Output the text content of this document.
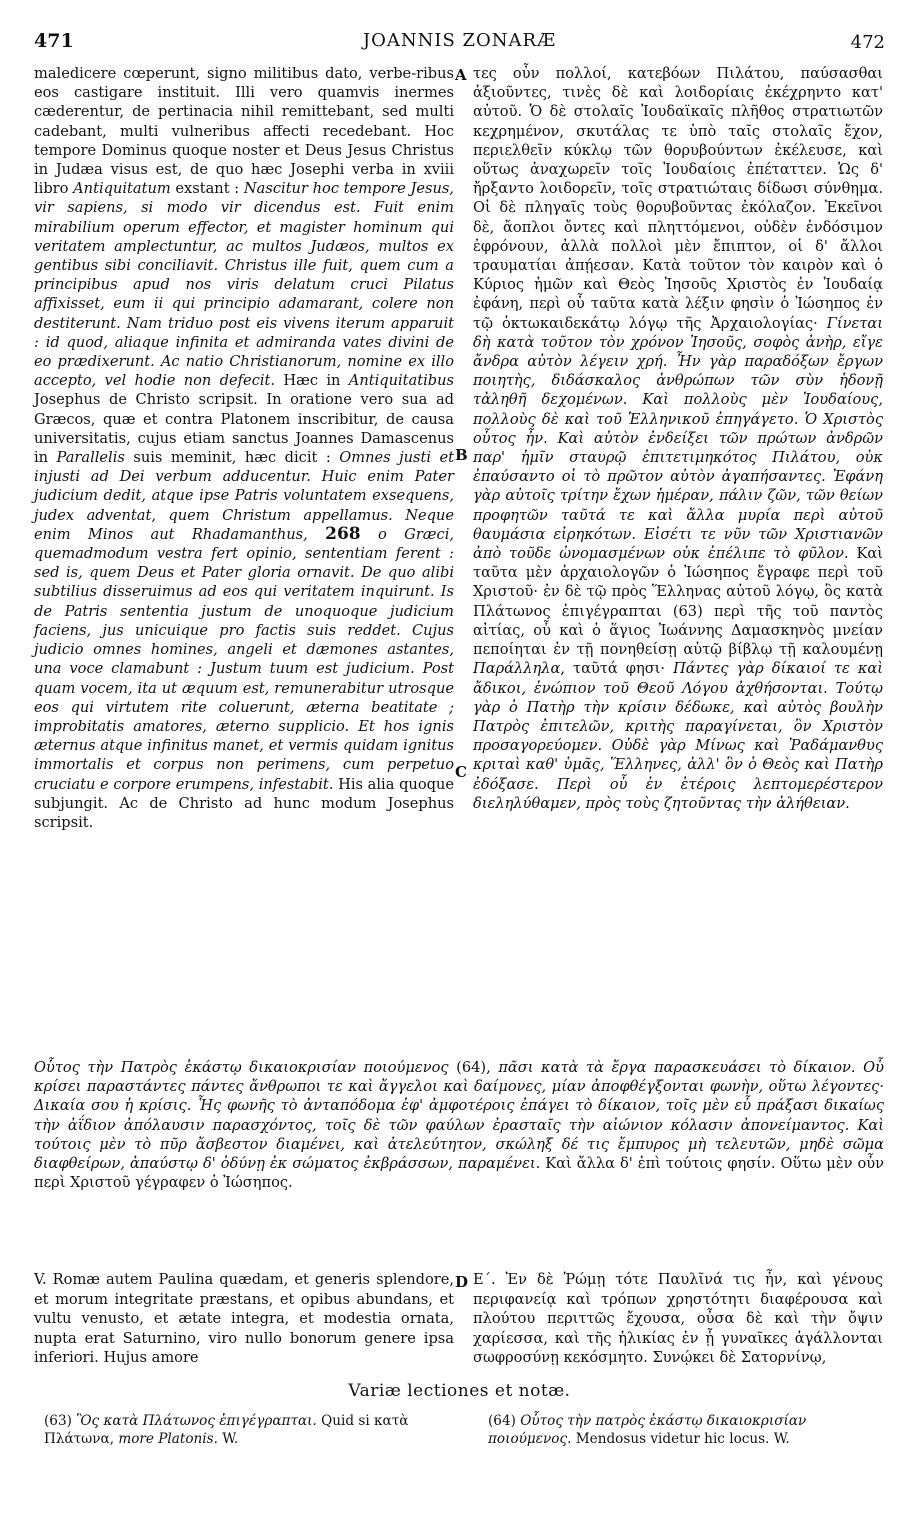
471	JOANNIS ZONARÆ	472

maledicere cœperunt, signo militibus dato, verbe-ribus eos castigare instituit. Illi vero quamvis inermes cæderentur, de pertinacia nihil remittebant, sed multi cadebant, multi vulneribus affecti recedebant. Hoc tempore Dominus quoque noster et Deus Jesus Christus in Judæa visus est, de quo hæc Josephi verba in xviii libro Antiquitatum exstant : Nascitur hoc tempore Jesus, vir sapiens, si modo vir dicendus est. Fuit enim mirabilium operum effector, et magister hominum qui veritatem amplectuntur, ac multos Judæos, multos ex gentibus sibi conciliavit. Christus ille fuit, quem cum a principibus apud nos viris delatum cruci Pilatus affixisset, eum ii qui principio adamarant, colere non destiterunt. Nam triduo post eis vivens iterum apparuit : id quod, aliaque infinita et admiranda vates divini de eo prædixerunt. Ac natio Christianorum, nomine ex illo accepto, vel hodie non defecit. Hæc in Antiquitatibus Josephus de Christo scripsit. In oratione vero sua ad Græcos, quæ et contra Platonem inscribitur, de causa universitatis, cujus etiam sanctus Joannes Damascenus in Parallelis suis meminit, hæc dicit : Omnes justi et injusti ad Dei verbum adducentur. Huic enim Pater judicium dedit, atque ipse Patris voluntatem exsequens, judex adventat, quem Christum appellamus. Neque enim Minos aut Rhadamanthus, 268 o Græci, quemadmodum vestra fert opinio, sententiam ferent : sed is, quem Deus et Pater gloria ornavit. De quo alibi subtilius disseruimus ad eos qui veritatem inquirunt. Is de Patris sententia justum de unoquoque judicium faciens, jus unicuique pro factis suis reddet. Cujus judicio omnes homines, angeli et dæmones astantes, una voce clamabunt : Justum tuum est judicium. Post quam vocem, ita ut æquum est, remunerabitur utrosque eos qui virtutem rite coluerunt, æterna beatitate ; improbitatis amatores, æterno supplicio. Et hos ignis æternus atque infinitus manet, et vermis quidam ignitus immortalis et corpus non perimens, cum perpetuo cruciatu e corpore erumpens, infestabit. His alia quoque subjungit. Ac de Christo ad hunc modum Josephus scripsit.

τες οὖν πολλοί, κατεβόων Πιλάτου, παύσασθαι ἀξιοῦντες, τινὲς δὲ καὶ λοιδορίαις ἐκέχρηντο κατ' αὐτοῦ. Ὁ δὲ στολαῖς Ἰουδαϊκαῖς πλῆθος στρατιωτῶν κεχρημένον, σκυτάλας τε ὑπὸ ταῖς στολαῖς ἔχον, περιελθεῖν κύκλῳ τῶν θορυβούντων ἐκέλευσε, καὶ οὕτως ἀναχωρεῖν τοῖς Ἰουδαίοις ἐπέταττεν. Ὡς δ' ἤρξαντο λοιδορεῖν, τοῖς στρατιώταις δίδωσι σύνθημα. Οἱ δὲ πληγαῖς τοὺς θορυβοῦντας ἐκόλαζον. Ἐκεῖνοι δὲ, ἄοπλοι ὄντες καὶ πληττόμενοι, οὐδὲν ἐνδόσιμον ἐφρόνουν, ἀλλὰ πολλοὶ μὲν ἔπιπτον, οἱ δ' ἄλλοι τραυματίαι ἀπῄεσαν. Κατὰ τοῦτον τὸν καιρὸν καὶ ὁ Κύριος ἡμῶν καὶ Θεὸς Ἰησοῦς Χριστὸς ἐν Ἰουδαίᾳ ἐφάνη, περὶ οὗ ταῦτα κατὰ λέξιν φησὶν ὁ Ἰώσηπος ἐν τῷ ὀκτωκαιδεκάτῳ λόγῳ τῆς Ἀρχαιολογίας· Γίνεται δὴ κατὰ τοῦτον τὸν χρόνον Ἰησοῦς, σοφὸς ἀνὴρ, εἴγε ἄνδρα αὐτὸν λέγειν χρή. Ἦν γὰρ παραδόξων ἔργων ποιητὴς, διδάσκαλος ἀνθρώπων τῶν σὺν ἡδονῇ τἀληθῆ δεχομένων. Καὶ πολλοὺς μὲν Ἰουδαίους, πολλοὺς δὲ καὶ τοῦ Ἑλληνικοῦ ἐπηγάγετο. Ὁ Χριστὸς οὗτος ἦν. Καὶ αὐτὸν ἐνδείξει τῶν πρώτων ἀνδρῶν παρ' ἡμῖν σταυρῷ ἐπιτετιμηκότος Πιλάτου, οὐκ ἐπαύσαντο οἱ τὸ πρῶτον αὐτὸν ἀγαπήσαντες. Ἐφάνη γὰρ αὐτοῖς τρίτην ἔχων ἡμέραν, πάλιν ζῶν, τῶν θείων προφητῶν ταῦτά τε καὶ ἄλλα μυρία περὶ αὐτοῦ θαυμάσια εἰρηκότων. Εἰσέτι τε νῦν τῶν Χριστιανῶν ἀπὸ τοῦδε ὠνομασμένων οὐκ ἐπέλιπε τὸ φῦλον. Καὶ ταῦτα μὲν ἀρχαιολογῶν ὁ Ἰώσηπος ἔγραφε περὶ τοῦ Χριστοῦ· ἐν δὲ τῷ πρὸς Ἕλληνας αὐτοῦ λόγῳ, ὃς κατὰ Πλάτωνος ἐπιγέγραπται (63) περὶ τῆς τοῦ παντὸς αἰτίας, οὗ καὶ ὁ ἅγιος Ἰωάννης Δαμασκηνὸς μνείαν πεποίηται ἐν τῇ πονηθείσῃ αὐτῷ βίβλῳ τῇ καλουμένῃ Παράλληλα, ταῦτά φησι· Πάντες γὰρ δίκαιοί τε καὶ ἄδικοι, ἐνώπιον τοῦ Θεοῦ Λόγου ἀχθήσονται. Τούτῳ γὰρ ὁ Πατὴρ τὴν κρίσιν δέδωκε, καὶ αὐτὸς βουλὴν Πατρὸς ἐπιτελῶν, κριτὴς παραγίνεται, ὃν Χριστὸν προσαγορεύομεν. Οὐδὲ γὰρ Μίνως καὶ Ῥαδάμανθυς κριταὶ καθ' ὑμᾶς, Ἕλληνες, ἀλλ' ὃν ὁ Θεὸς καὶ Πατὴρ ἐδόξασε. Περὶ οὗ ἐν ἑτέροις λεπτομερέστερον διεληλύθαμεν, πρὸς τοὺς ζητοῦντας τὴν ἀλήθειαν.

A
B
C
D

Οὗτος τὴν Πατρὸς ἑκάστῳ δικαιοκρισίαν ποιούμενος (64), πᾶσι κατὰ τὰ ἔργα παρασκευάσει τὸ δίκαιον. Οὗ κρίσει παραστάντες πάντες ἄνθρωποι τε καὶ ἄγγελοι καὶ δαίμονες, μίαν ἀποφθέγξονται φωνὴν, οὕτω λέγοντες· Δικαία σου ἡ κρίσις. Ἧς φωνῆς τὸ ἀνταπόδομα ἐφ' ἀμφοτέροις ἐπάγει τὸ δίκαιον, τοῖς μὲν εὖ πράξασι δικαίως τὴν ἀΐδιον ἀπόλαυσιν παρασχόντος, τοῖς δὲ τῶν φαύλων ἐρασταῖς τὴν αἰώνιον κόλασιν ἀπονείμαντος. Καὶ τούτοις μὲν τὸ πῦρ ἄσβεστον διαμένει, καὶ ἀτελεύτητον, σκώληξ δέ τις ἔμπυρος μὴ τελευτῶν, μηδὲ σῶμα διαφθείρων, ἀπαύστῳ δ' ὀδύνῃ ἐκ σώματος ἐκβράσσων, παραμένει. Καὶ ἄλλα δ' ἐπὶ τούτοις φησίν. Οὕτω μὲν οὖν περὶ Χριστοῦ γέγραφεν ὁ Ἰώσηπος.

V. Romæ autem Paulina quædam, et generis splendore, et morum integritate præstans, et opibus abundans, et vultu venusto, et ætate integra, et modestia ornata, nupta erat Saturnino, viro nullo bonorum genere ipsa inferiori. Hujus amore

Ε΄. Ἐν δὲ Ῥώμῃ τότε Παυλῖνά τις ἦν, καὶ γένους περιφανείᾳ καὶ τρόπων χρηστότητι διαφέρουσα καὶ πλούτου περιττῶς ἔχουσα, οὖσα δὲ καὶ τὴν ὄψιν χαρίεσσα, καὶ τῆς ἡλικίας ἐν ᾗ γυναῖκες ἀγάλλονται σωφροσύνῃ κεκόσμητο. Συνῴκει δὲ Σατορνίνῳ,

Variæ lectiones et notæ.

(63) Ὃς κατὰ Πλάτωνος ἐπιγέγραπται. Quid si κατὰ Πλάτωνα, more Platonis. W.

(64) Οὗτος τὴν πατρὸς ἑκάστῳ δικαιοκρισίαν ποιούμενος. Mendosus videtur hic locus. W.
